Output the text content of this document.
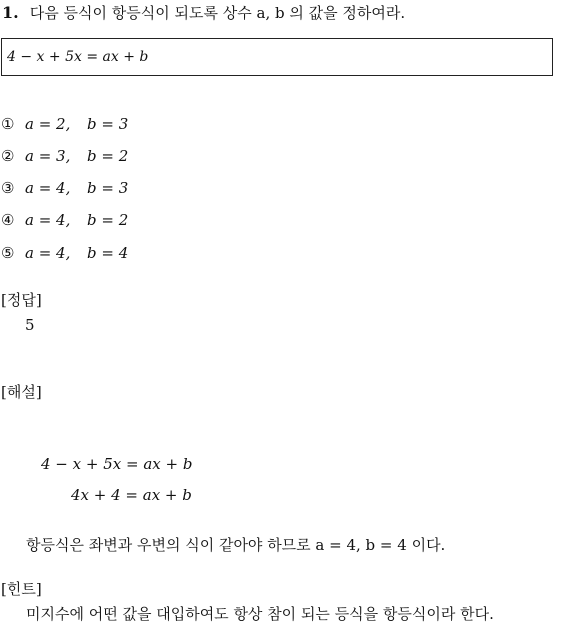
1. 다음 등식이 항등식이 되도록 상수 a, b 의 값을 정하여라.
4 − x + 5x = ax + b
① a = 2, b = 3
② a = 3, b = 2
③ a = 4, b = 3
④ a = 4, b = 2
⑤ a = 4, b = 4
[정답]
5
[해설]
4 − x + 5x = ax + b
4x + 4 = ax + b
항등식은 좌변과 우변의 식이 같아야 하므로 a = 4, b = 4 이다.
[힌트]
미지수에 어떤 값을 대입하여도 항상 참이 되는 등식을 항등식이라 한다.
